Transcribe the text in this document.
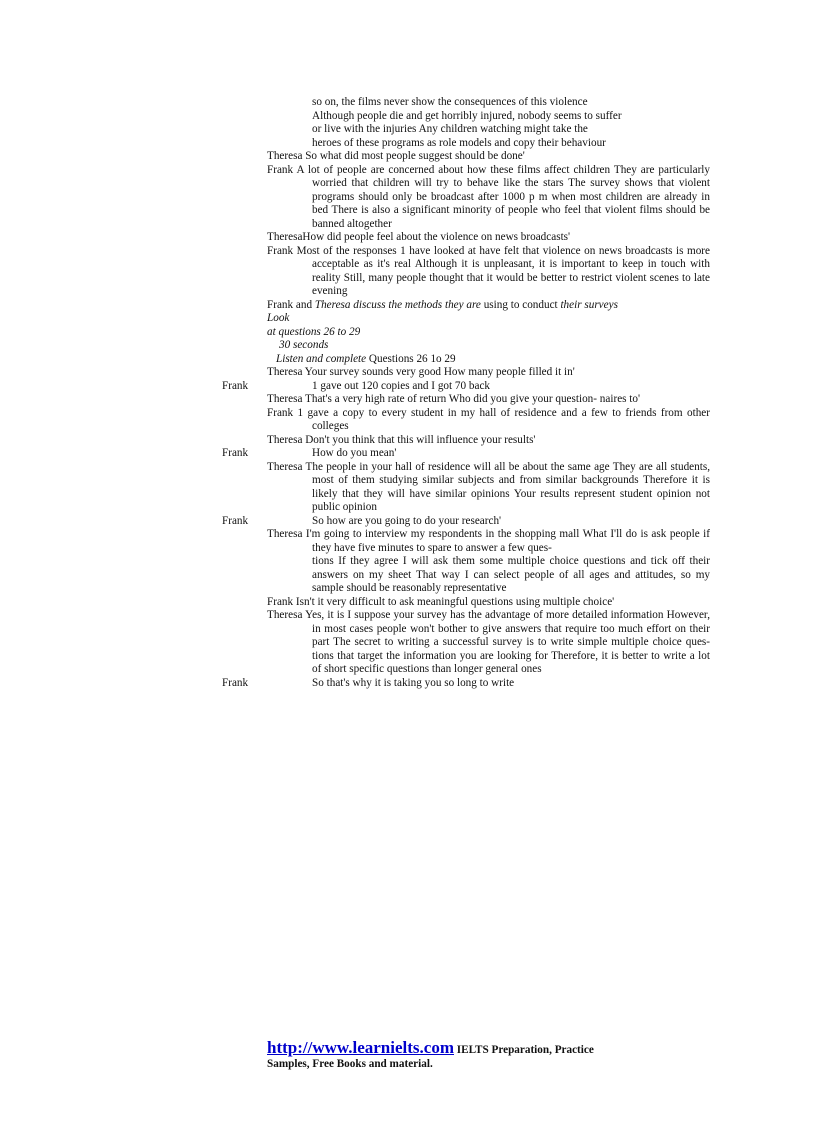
so on, the films never show the consequences of this violence

Although people die and get horribly injured, nobody seems to suffer

or live with the injuries Any children watching might take the

heroes of these programs as role models and copy their behaviour

Theresa So what did most people suggest should be done'

Frank A lot of people are concerned about how these films affect children They are particularly worried that children will try to behave like the stars The survey shows that violent programs should only be broadcast after 1000 p m when most children are already in bed There is also a significant minority of people who feel that violent films should be banned altogether

TheresaHow did people feel about the violence on news broadcasts'

Frank Most of the responses 1 have looked at have felt that violence on news broadcasts is more acceptable as it's real Although it is unpleasant, it is important to keep in touch with reality Still, many people thought that it would be better to restrict violent scenes to late evening

Frank and Theresa discuss the methods they are using to conduct their surveys

Look

at questions 26 to 29

30 seconds

Listen and complete Questions 26 1o 29

Theresa Your survey sounds very good How many people filled it in'

Frank	1 gave out 120 copies and I got 70 back

Theresa That's a very high rate of return Who did you give your question- naires to'

Frank 1 gave a copy to every student in my hall of residence and a few to friends from other colleges

Theresa Don't you think that this will influence your results'

Frank	How do you mean'

Theresa The people in your hall of residence will all be about the same age They are all students, most of them studying similar subjects and from similar backgrounds Therefore it is likely that they will have similar opinions Your results represent student opinion not public opinion

Frank	So how are you going to do your research'

Theresa I'm going to interview my respondents in the shopping mall What I'll do is ask people if they have five minutes to spare to answer a few ques-

tions If they agree I will ask them some multiple choice questions and tick off their answers on my sheet That way I can select people of all ages and attitudes, so my sample should be reasonably representative

Frank Isn't it very difficult to ask meaningful questions using multiple choice'

Theresa Yes, it is I suppose your survey has the advantage of more detailed information However, in most cases people won't bother to give answers that require too much effort on their part The secret to writing a successful survey is to write simple multiple choice ques- tions that target the information you are looking for Therefore, it is better to write a lot of short specific questions than longer general ones

Frank	So that's why it is taking you so long to write

http://www.learnielts.com IELTS Preparation, Practice
Samples, Free Books and material.
